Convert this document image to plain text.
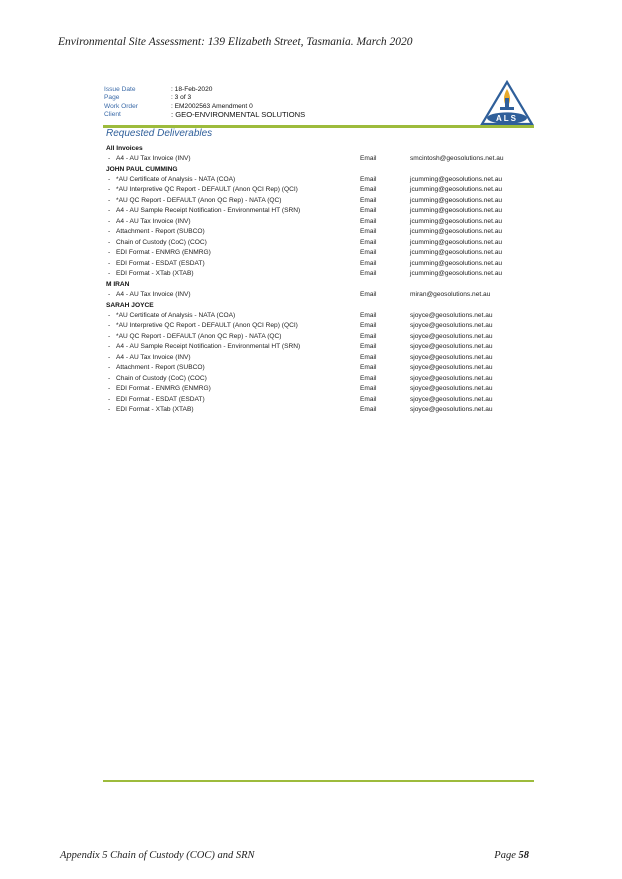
Environmental Site Assessment: 139 Elizabeth Street, Tasmania. March 2020
Issue Date	: 18-Feb-2020
Page	: 3 of 3
Work Order	: EM2002563 Amendment 0
Client	: GEO-ENVIRONMENTAL SOLUTIONS	ALS
Requested Deliverables
All Invoices
- A4 - AU Tax Invoice (INV)	Email	smcintosh@geosolutions.net.au
JOHN PAUL CUMMING
- *AU Certificate of Analysis - NATA (COA)	Email	jcumming@geosolutions.net.au
- *AU Interpretive QC Report - DEFAULT (Anon QCI Rep) (QCI)	Email	jcumming@geosolutions.net.au
- *AU QC Report - DEFAULT (Anon QC Rep) - NATA (QC)	Email	jcumming@geosolutions.net.au
- A4 - AU Sample Receipt Notification - Environmental HT (SRN)	Email	jcumming@geosolutions.net.au
- A4 - AU Tax Invoice (INV)	Email	jcumming@geosolutions.net.au
- Attachment - Report (SUBCO)	Email	jcumming@geosolutions.net.au
- Chain of Custody (CoC) (COC)	Email	jcumming@geosolutions.net.au
- EDI Format - ENMRG (ENMRG)	Email	jcumming@geosolutions.net.au
- EDI Format - ESDAT (ESDAT)	Email	jcumming@geosolutions.net.au
- EDI Format - XTab (XTAB)	Email	jcumming@geosolutions.net.au
M IRAN
- A4 - AU Tax Invoice (INV)	Email	miran@geosolutions.net.au
SARAH JOYCE
- *AU Certificate of Analysis - NATA (COA)	Email	sjoyce@geosolutions.net.au
- *AU Interpretive QC Report - DEFAULT (Anon QCI Rep) (QCI)	Email	sjoyce@geosolutions.net.au
- *AU QC Report - DEFAULT (Anon QC Rep) - NATA (QC)	Email	sjoyce@geosolutions.net.au
- A4 - AU Sample Receipt Notification - Environmental HT (SRN)	Email	sjoyce@geosolutions.net.au
- A4 - AU Tax Invoice (INV)	Email	sjoyce@geosolutions.net.au
- Attachment - Report (SUBCO)	Email	sjoyce@geosolutions.net.au
- Chain of Custody (CoC) (COC)	Email	sjoyce@geosolutions.net.au
- EDI Format - ENMRG (ENMRG)	Email	sjoyce@geosolutions.net.au
- EDI Format - ESDAT (ESDAT)	Email	sjoyce@geosolutions.net.au
- EDI Format - XTab (XTAB)	Email	sjoyce@geosolutions.net.au
Appendix 5 Chain of Custody (COC) and SRN	Page 58
